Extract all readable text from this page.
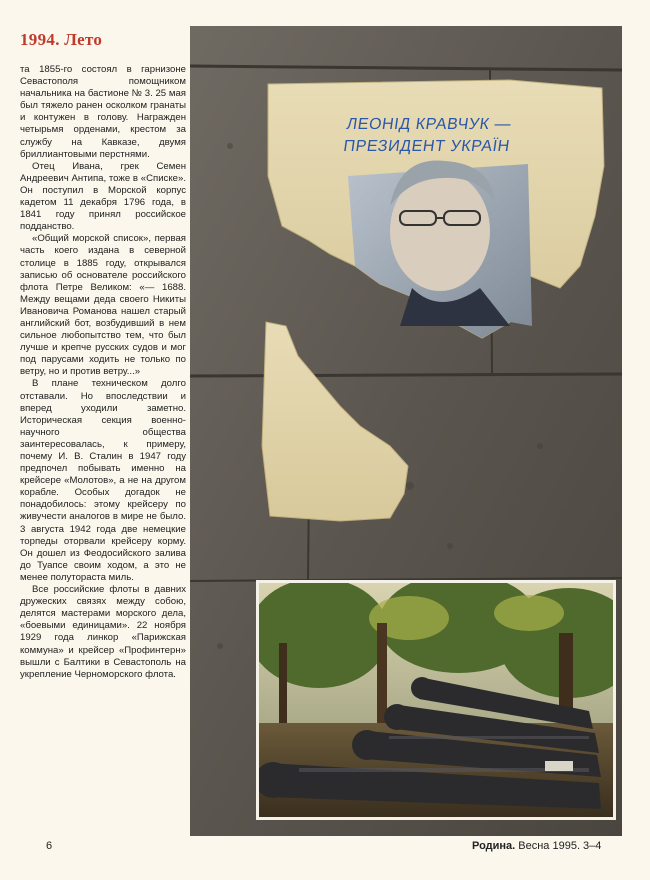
1994. Лето

та 1855-го состоял в гарнизоне Севастополя помощником начальника на бастионе № 3. 25 мая был тяжело ранен осколком гранаты и контужен в голову. Награжден четырьмя орденами, крестом за службу на Кавказе, двумя бриллиантовыми перстнями.

Отец Ивана, грек Семен Андреевич Антипа, тоже в «Списке». Он поступил в Морской корпус кадетом 11 декабря 1796 года, в 1841 году принял российское подданство.

«Общий морской список», первая часть коего издана в северной столице в 1885 году, открывался записью об основателе российского флота Петре Великом: «— 1688. Между вещами деда своего Никиты Ивановича Романова нашел старый английский бот, возбудивший в нем сильное любопытство тем, что был лучше и крепче русских судов и мог под парусами ходить не только по ветру, но и против ветру...»

В плане техническом долго отставали. Но впоследствии и вперед уходили заметно. Историческая секция военно-научного общества заинтересовалась, к примеру, почему И. В. Сталин в 1947 году предпочел побывать именно на крейсере «Молотов», а не на другом корабле. Особых догадок не понадобилось: этому крейсеру по живучести аналогов в мире не было. 3 августа 1942 года две немецкие торпеды оторвали крейсеру корму. Он дошел из Феодосийского залива до Туапсе своим ходом, а это не менее полутораста миль.

Все российские флоты в давних дружеских связях между собою, делятся мастерами морского дела, «боевыми единицами». 22 ноября 1929 года линкор «Парижская коммуна» и крейсер «Профинтерн» вышли с Балтики в Севастополь на укрепление Черноморского флота.

ЛЕОНІД КРАВЧУК — ПРЕЗИДЕНТ УКРАЇН
6	Родина. Весна 1995. 3–4
